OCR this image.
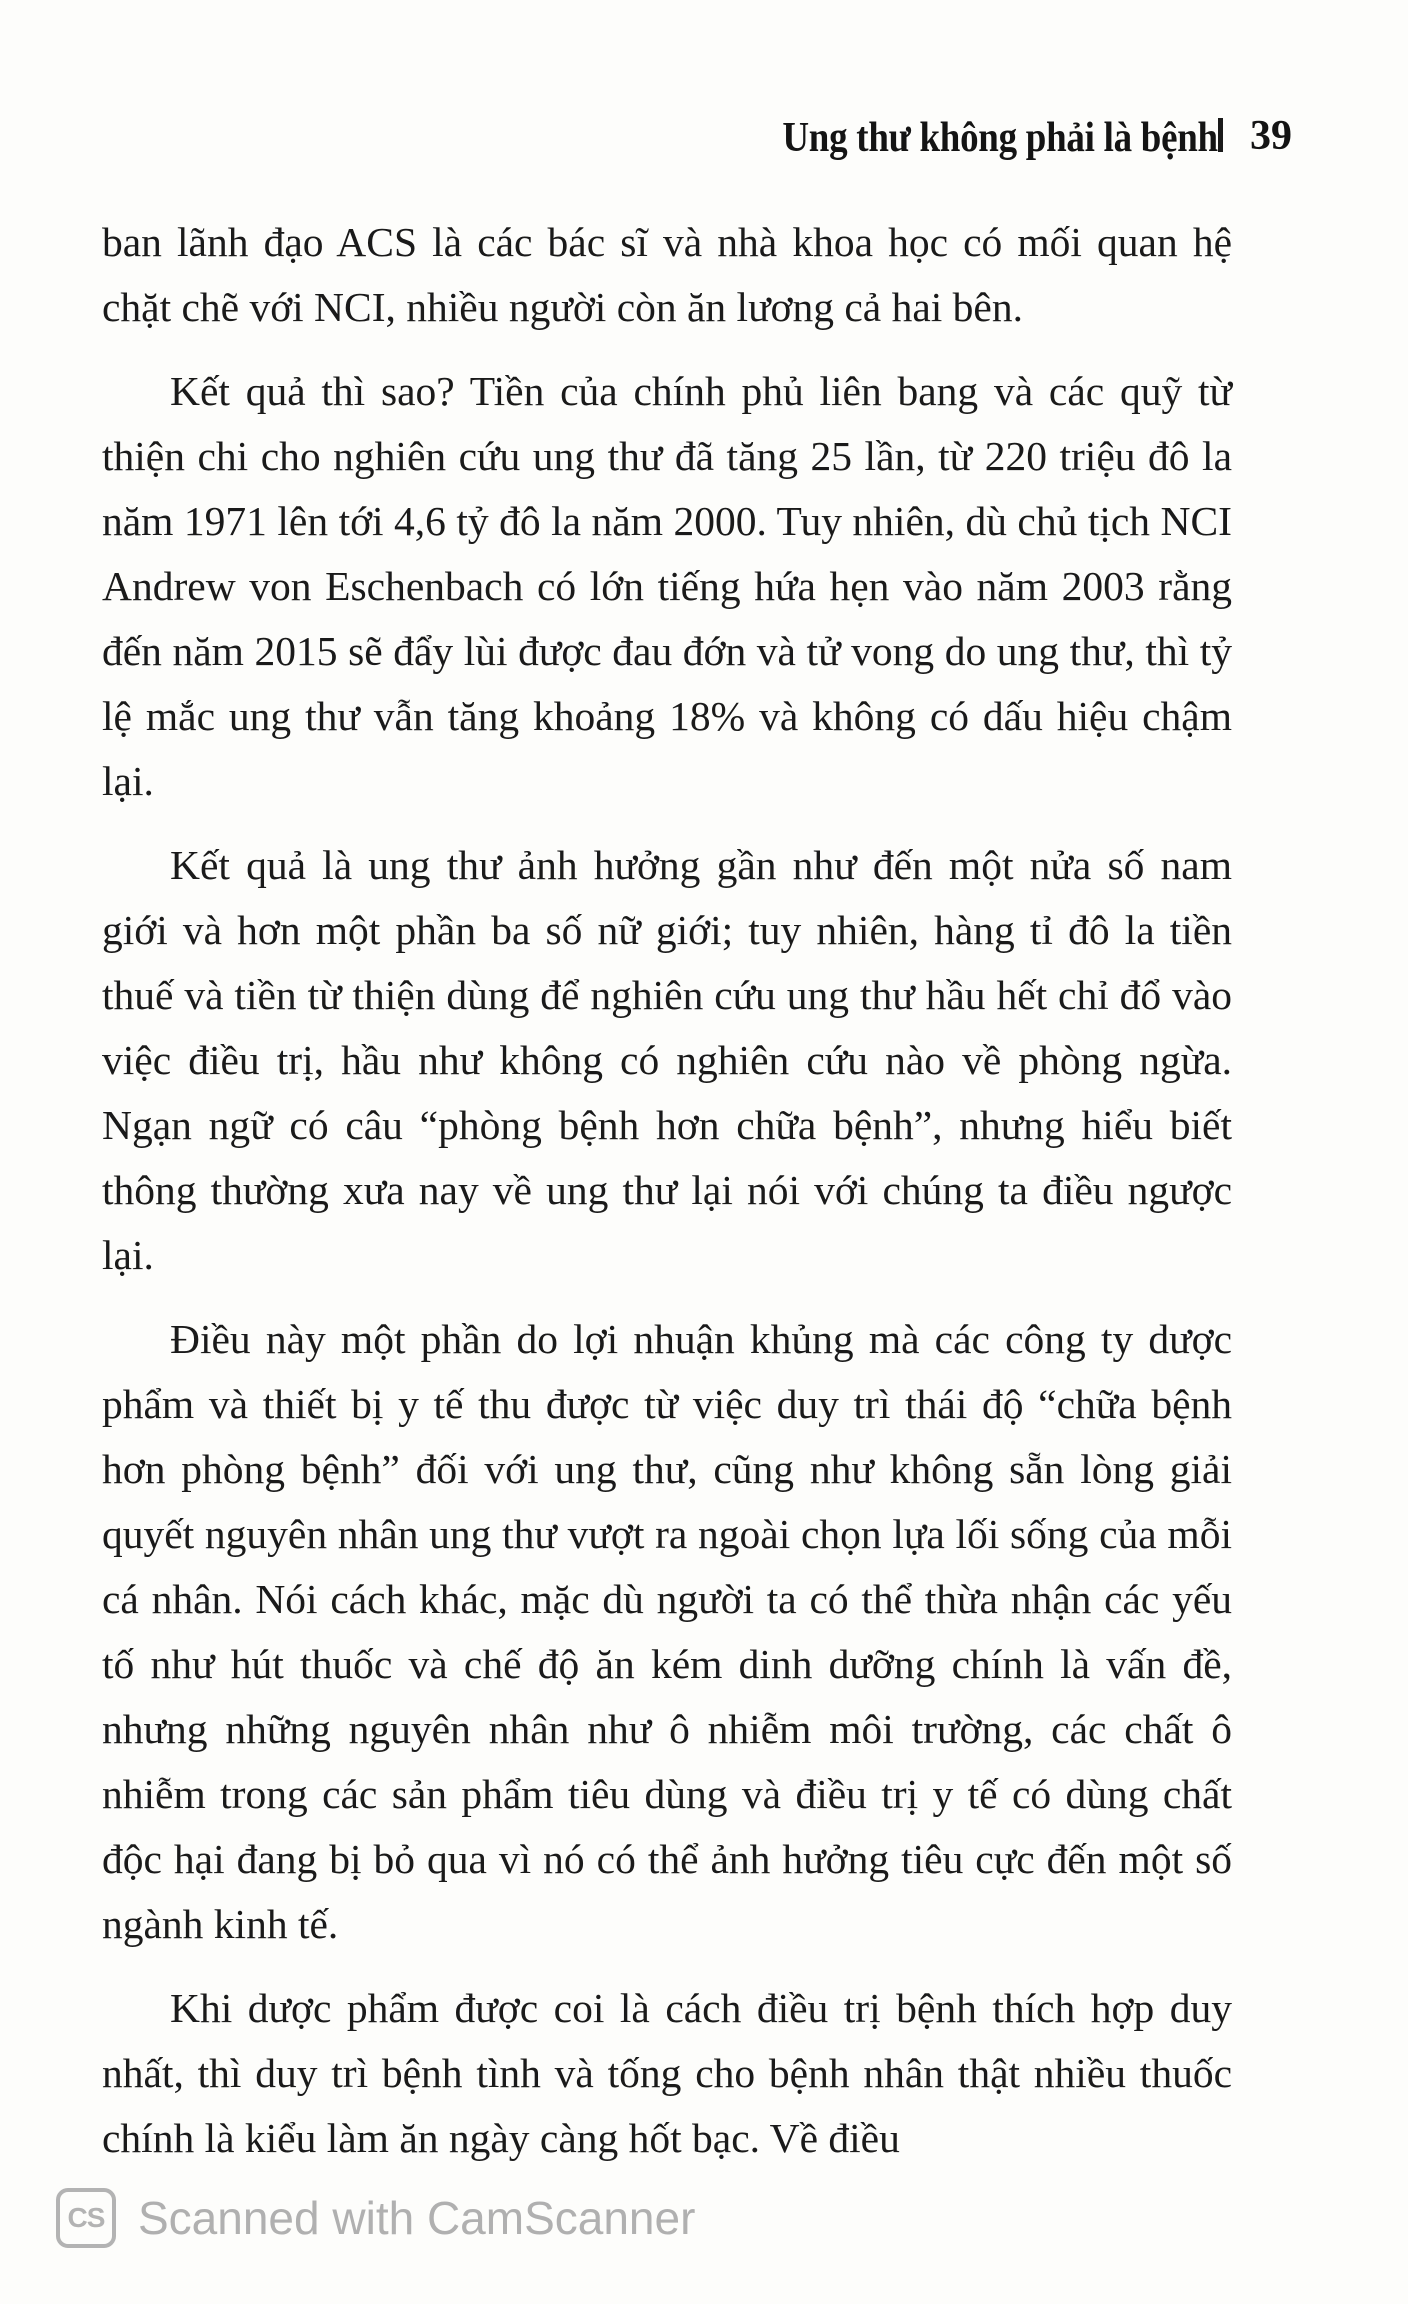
Ung thư không phải là bệnh 39

ban lãnh đạo ACS là các bác sĩ và nhà khoa học có mối quan hệ chặt chẽ với NCI, nhiều người còn ăn lương cả hai bên.

Kết quả thì sao? Tiền của chính phủ liên bang và các quỹ từ thiện chi cho nghiên cứu ung thư đã tăng 25 lần, từ 220 triệu đô la năm 1971 lên tới 4,6 tỷ đô la năm 2000. Tuy nhiên, dù chủ tịch NCI Andrew von Eschenbach có lớn tiếng hứa hẹn vào năm 2003 rằng đến năm 2015 sẽ đẩy lùi được đau đớn và tử vong do ung thư, thì tỷ lệ mắc ung thư vẫn tăng khoảng 18% và không có dấu hiệu chậm lại.

Kết quả là ung thư ảnh hưởng gần như đến một nửa số nam giới và hơn một phần ba số nữ giới; tuy nhiên, hàng tỉ đô la tiền thuế và tiền từ thiện dùng để nghiên cứu ung thư hầu hết chỉ đổ vào việc điều trị, hầu như không có nghiên cứu nào về phòng ngừa. Ngạn ngữ có câu “phòng bệnh hơn chữa bệnh”, nhưng hiểu biết thông thường xưa nay về ung thư lại nói với chúng ta điều ngược lại.

Điều này một phần do lợi nhuận khủng mà các công ty dược phẩm và thiết bị y tế thu được từ việc duy trì thái độ “chữa bệnh hơn phòng bệnh” đối với ung thư, cũng như không sẵn lòng giải quyết nguyên nhân ung thư vượt ra ngoài chọn lựa lối sống của mỗi cá nhân. Nói cách khác, mặc dù người ta có thể thừa nhận các yếu tố như hút thuốc và chế độ ăn kém dinh dưỡng chính là vấn đề, nhưng những nguyên nhân như ô nhiễm môi trường, các chất ô nhiễm trong các sản phẩm tiêu dùng và điều trị y tế có dùng chất độc hại đang bị bỏ qua vì nó có thể ảnh hưởng tiêu cực đến một số ngành kinh tế.

Khi dược phẩm được coi là cách điều trị bệnh thích hợp duy nhất, thì duy trì bệnh tình và tống cho bệnh nhân thật nhiều thuốc chính là kiểu làm ăn ngày càng hốt bạc. Về điều

CS Scanned with CamScanner
